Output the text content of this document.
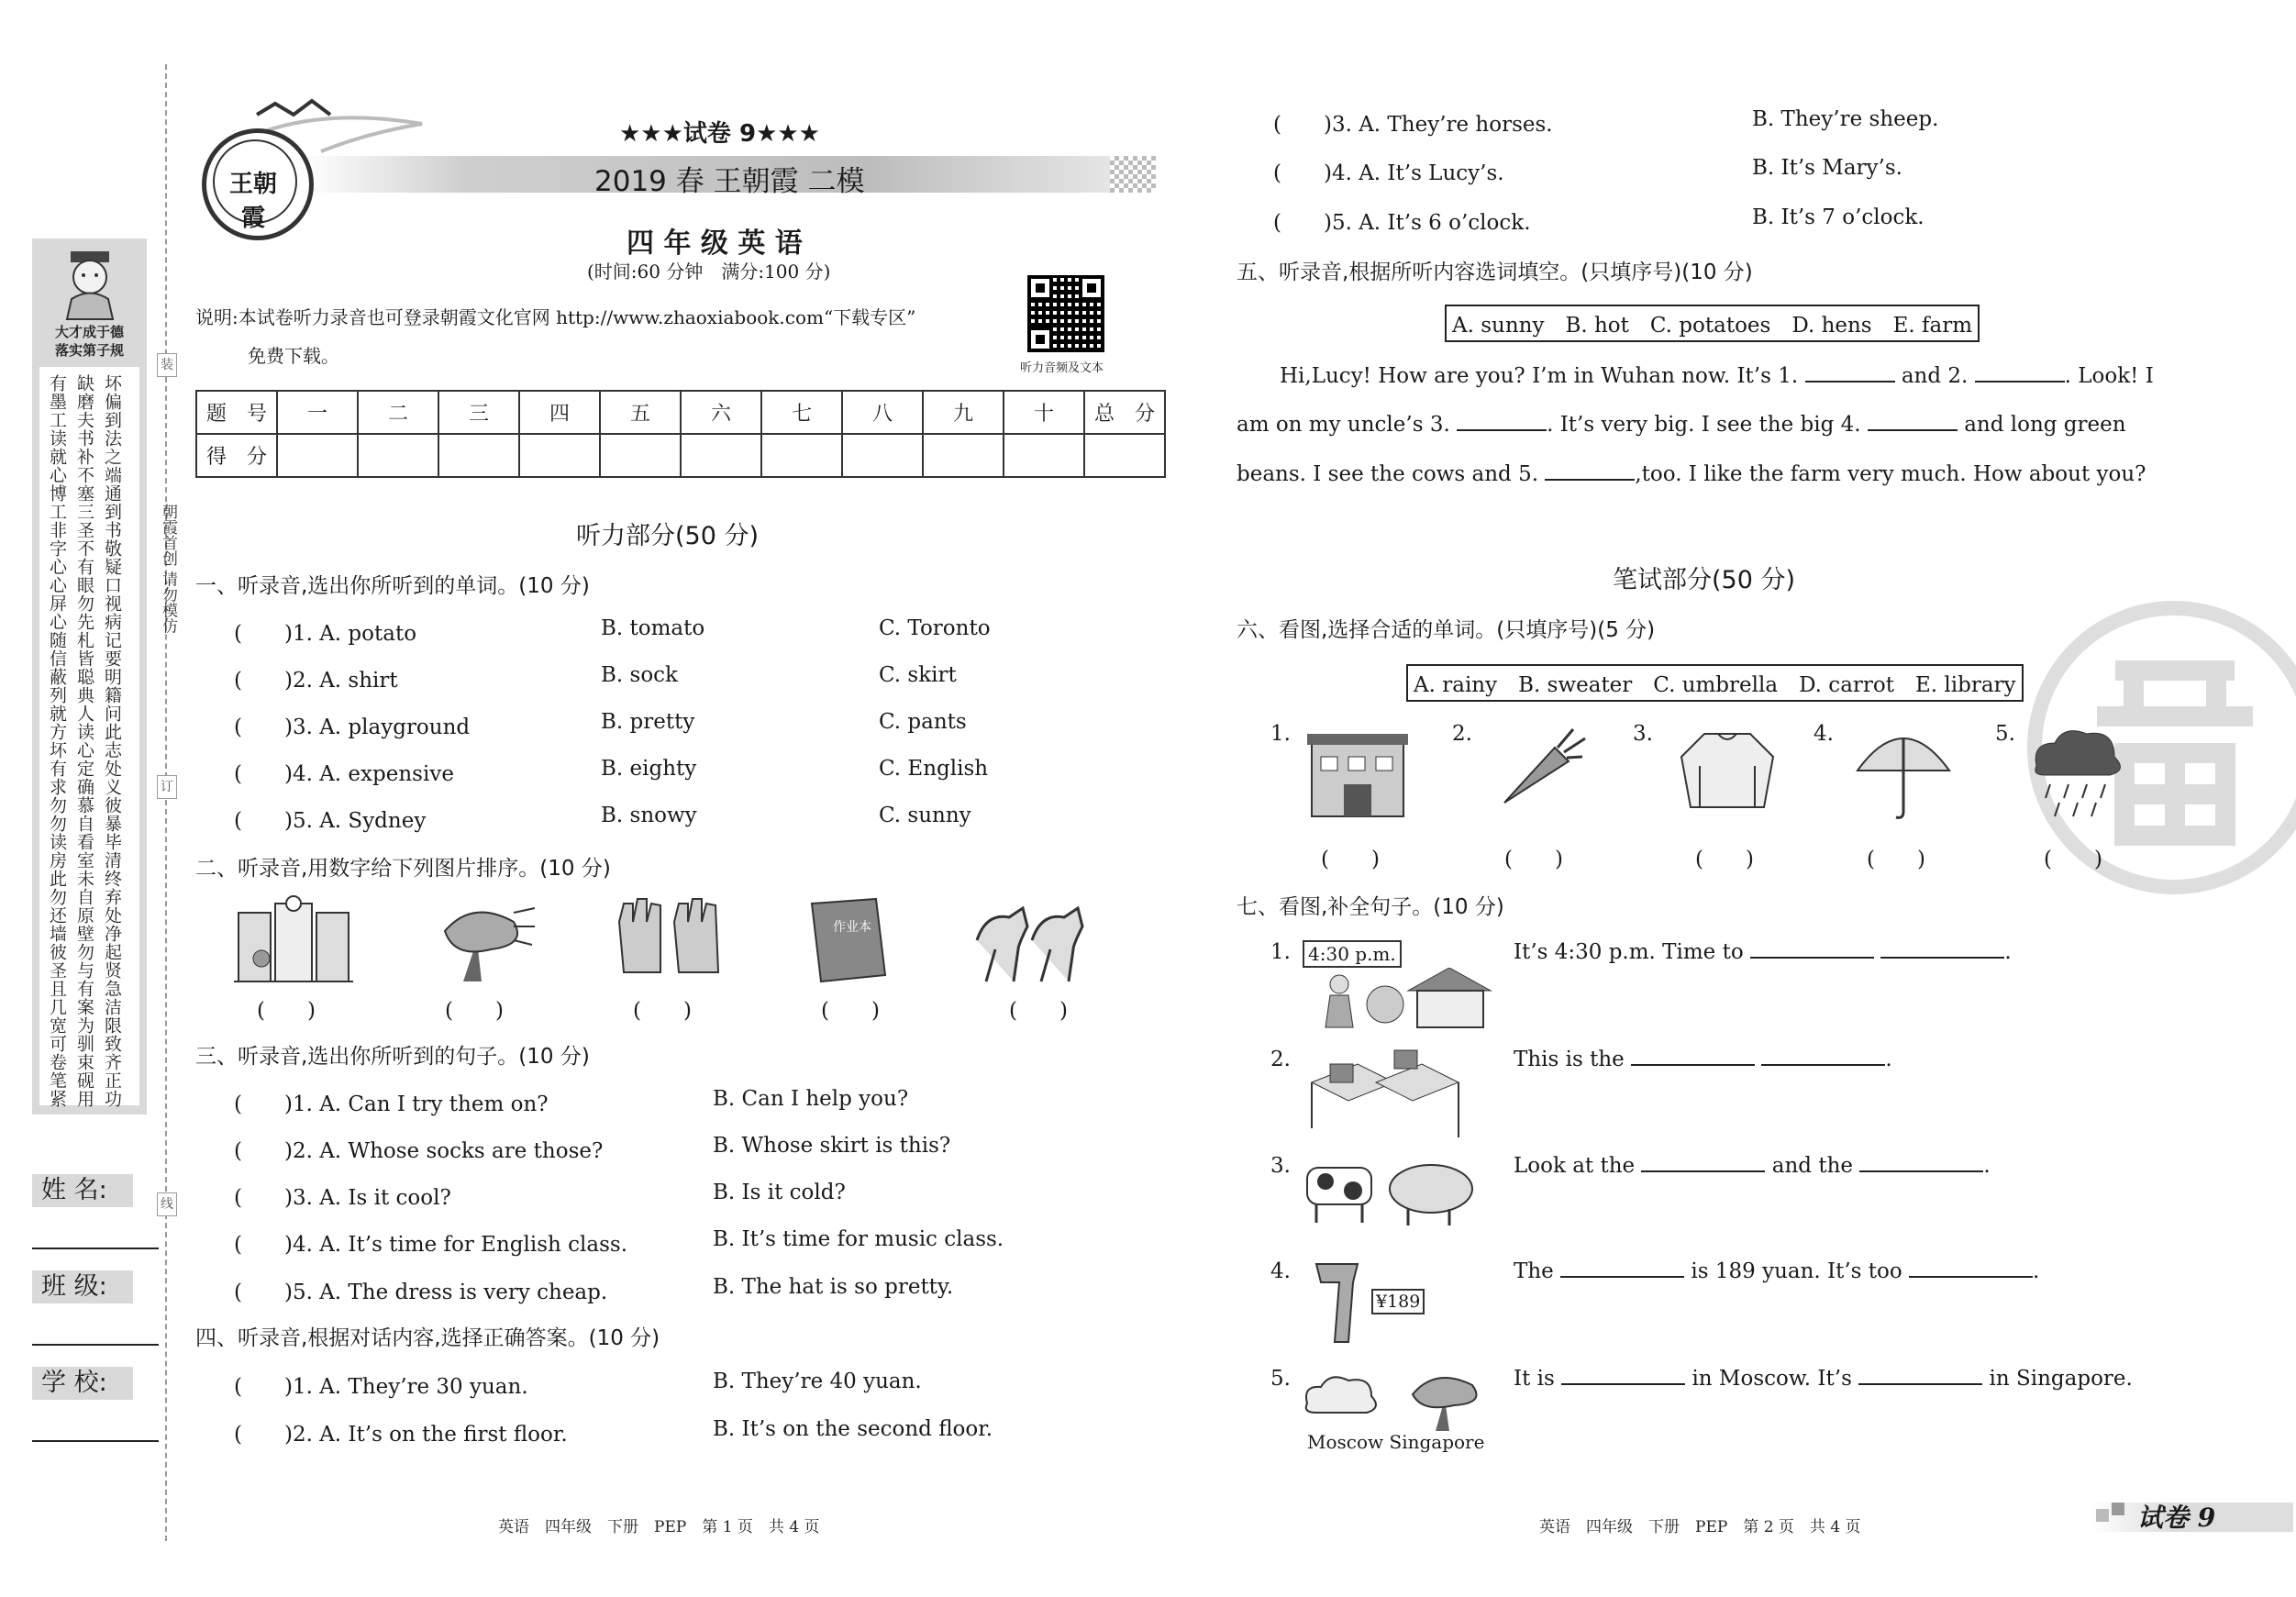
装
订
线
朝霞首创 请勿模仿
大才成于德
落实第子规
有墨工读 缺磨夫书 坏偏到法
就心博工 补不塞三 之端通到
非字心心 圣不有眼 书敬疑口
屏心随信 勿先札皆 视病记要
蔽列就方 聪典人读 明籍问此
坏有求勿 心定确慕 志处义彼
勿读房此 自看室未 暴毕清终
勿还墙彼 自原壁勿 弃处净起
圣且几宽 与有案为 贤急洁限
可卷笔紧 驯束砚用 致齐正功
姓 名:
班 级:
学 校:
王朝霞
★★★试卷 9★★★
2019 春 王朝霞 二模
四 年 级 英 语
(时间:60 分钟　满分:100 分)
说明:本试卷听力录音也可登录朝霞文化官网 http://www.zhaoxiabook.com“下载专区”
免费下载。
听力音频及文本
题　号	一	二	三	四	五	六	七	八	九	十	总　分
得　分											
听力部分(50 分)
一、听录音,选出你所听到的单词。(10 分)
(　　)1. A. potato	B. tomato	C. Toronto
(　　)2. A. shirt	B. sock	C. skirt
(　　)3. A. playground	B. pretty	C. pants
(　　)4. A. expensive	B. eighty	C. English
(　　)5. A. Sydney	B. snowy	C. sunny
二、听录音,用数字给下列图片排序。(10 分)
作业本
(　　)	(　　)	(　　)	(　　)	(　　)
三、听录音,选出你所听到的句子。(10 分)
(　　)1. A. Can I try them on?	B. Can I help you?
(　　)2. A. Whose socks are those?	B. Whose skirt is this?
(　　)3. A. Is it cool?	B. Is it cold?
(　　)4. A. It’s time for English class.	B. It’s time for music class.
(　　)5. A. The dress is very cheap.	B. The hat is so pretty.
四、听录音,根据对话内容,选择正确答案。(10 分)
(　　)1. A. They’re 30 yuan.	B. They’re 40 yuan.
(　　)2. A. It’s on the first floor.	B. It’s on the second floor.
英语　四年级　下册　PEP　第 1 页　共 4 页
(　　)3. A. They’re horses.	B. They’re sheep.
(　　)4. A. It’s Lucy’s.	B. It’s Mary’s.
(　　)5. A. It’s 6 o’clock.	B. It’s 7 o’clock.
五、听录音,根据所听内容选词填空。(只填序号)(10 分)
A. sunny　B. hot　C. potatoes　D. hens　E. farm
Hi,Lucy! How are you? I’m in Wuhan now. It’s 1.	and 2.	. Look! I
am on my uncle’s 3.	. It’s very big. I see the big 4.	and long green
beans. I see the cows and 5.	,too. I like the farm very much. How about you?
笔试部分(50 分)
六、看图,选择合适的单词。(只填序号)(5 分)
A. rainy　B. sweater　C. umbrella　D. carrot　E. library
1.	2.	3.	4.	5.
(　　)	(　　)	(　　)	(　　)	(　　)
七、看图,补全句子。(10 分)
1. 4:30 p.m.	It’s 4:30 p.m. Time to	.
2.	This is the	.
3.	Look at the	and the	.
4.
¥189
The	is 189 yuan. It’s too	.
5.
Moscow Singapore
It is	in Moscow. It’s	in Singapore.
英语　四年级　下册　PEP　第 2 页　共 4 页	试卷 9
